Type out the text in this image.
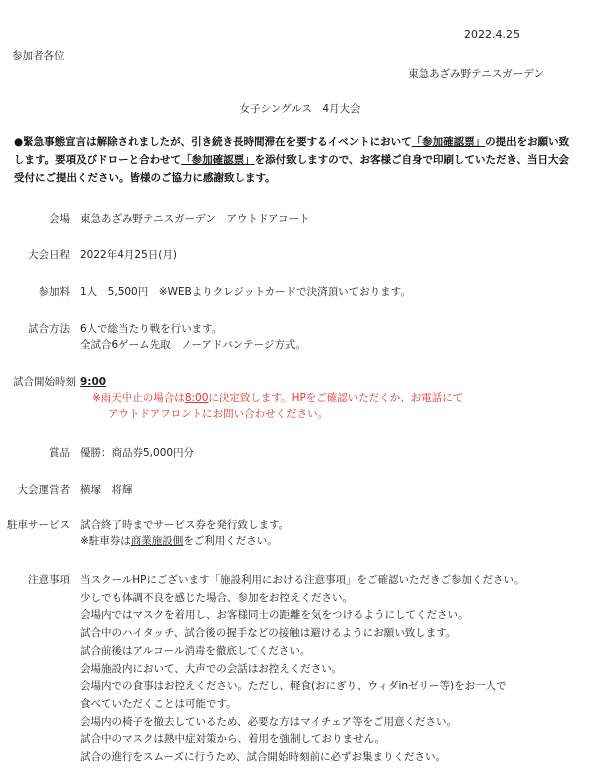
2022.4.25
参加者各位
東急あざみ野テニスガーデン
女子シングルス　4月大会
●緊急事態宣言は解除されましたが、引き続き長時間滞在を要するイベントにおいて「参加確認票」の提出をお願い致します。要項及びドローと合わせて「参加確認票」を添付致しますので、お客様ご自身で印刷していただき、当日大会受付にご提出ください。皆様のご協力に感謝致します。
会場 東急あざみ野テニスガーデン　アウトドアコート
大会日程 2022年4月25日(月)
参加料 1人　5,500円　※WEBよりクレジットカードで決済頂いております。
試合方法 6人で総当たり戦を行います。
全試合6ゲーム先取　ノーアドバンテージ方式。
試合開始時刻 9:00
※雨天中止の場合は8:00に決定致します。HPをご確認いただくか、お電話にて
アウトドアフロントにお問い合わせください。
賞品 優勝：商品券5,000円分
大会運営者 横塚　将輝
駐車サービス 試合終了時までサービス券を発行致します。
※駐車券は商業施設側をご利用ください。
注意事項 当スクールHPにございます「施設利用における注意事項」をご確認いただきご参加ください。
少しでも体調不良を感じた場合、参加をお控えください。
会場内ではマスクを着用し、お客様同士の距離を気をつけるようにしてください。
試合中のハイタッチ、試合後の握手などの接触は避けるようにお願い致します。
試合前後はアルコール消毒を徹底してください。
会場施設内において、大声での会話はお控えください。
会場内での食事はお控えください。ただし、軽食(おにぎり、ウィダinゼリー等)をお一人で
食べていただくことは可能です。
会場内の椅子を撤去しているため、必要な方はマイチェア等をご用意ください。
試合中のマスクは熱中症対策から、着用を強制しておりません。
試合の進行をスムーズに行うため、試合開始時刻前に必ずお集まりください。
